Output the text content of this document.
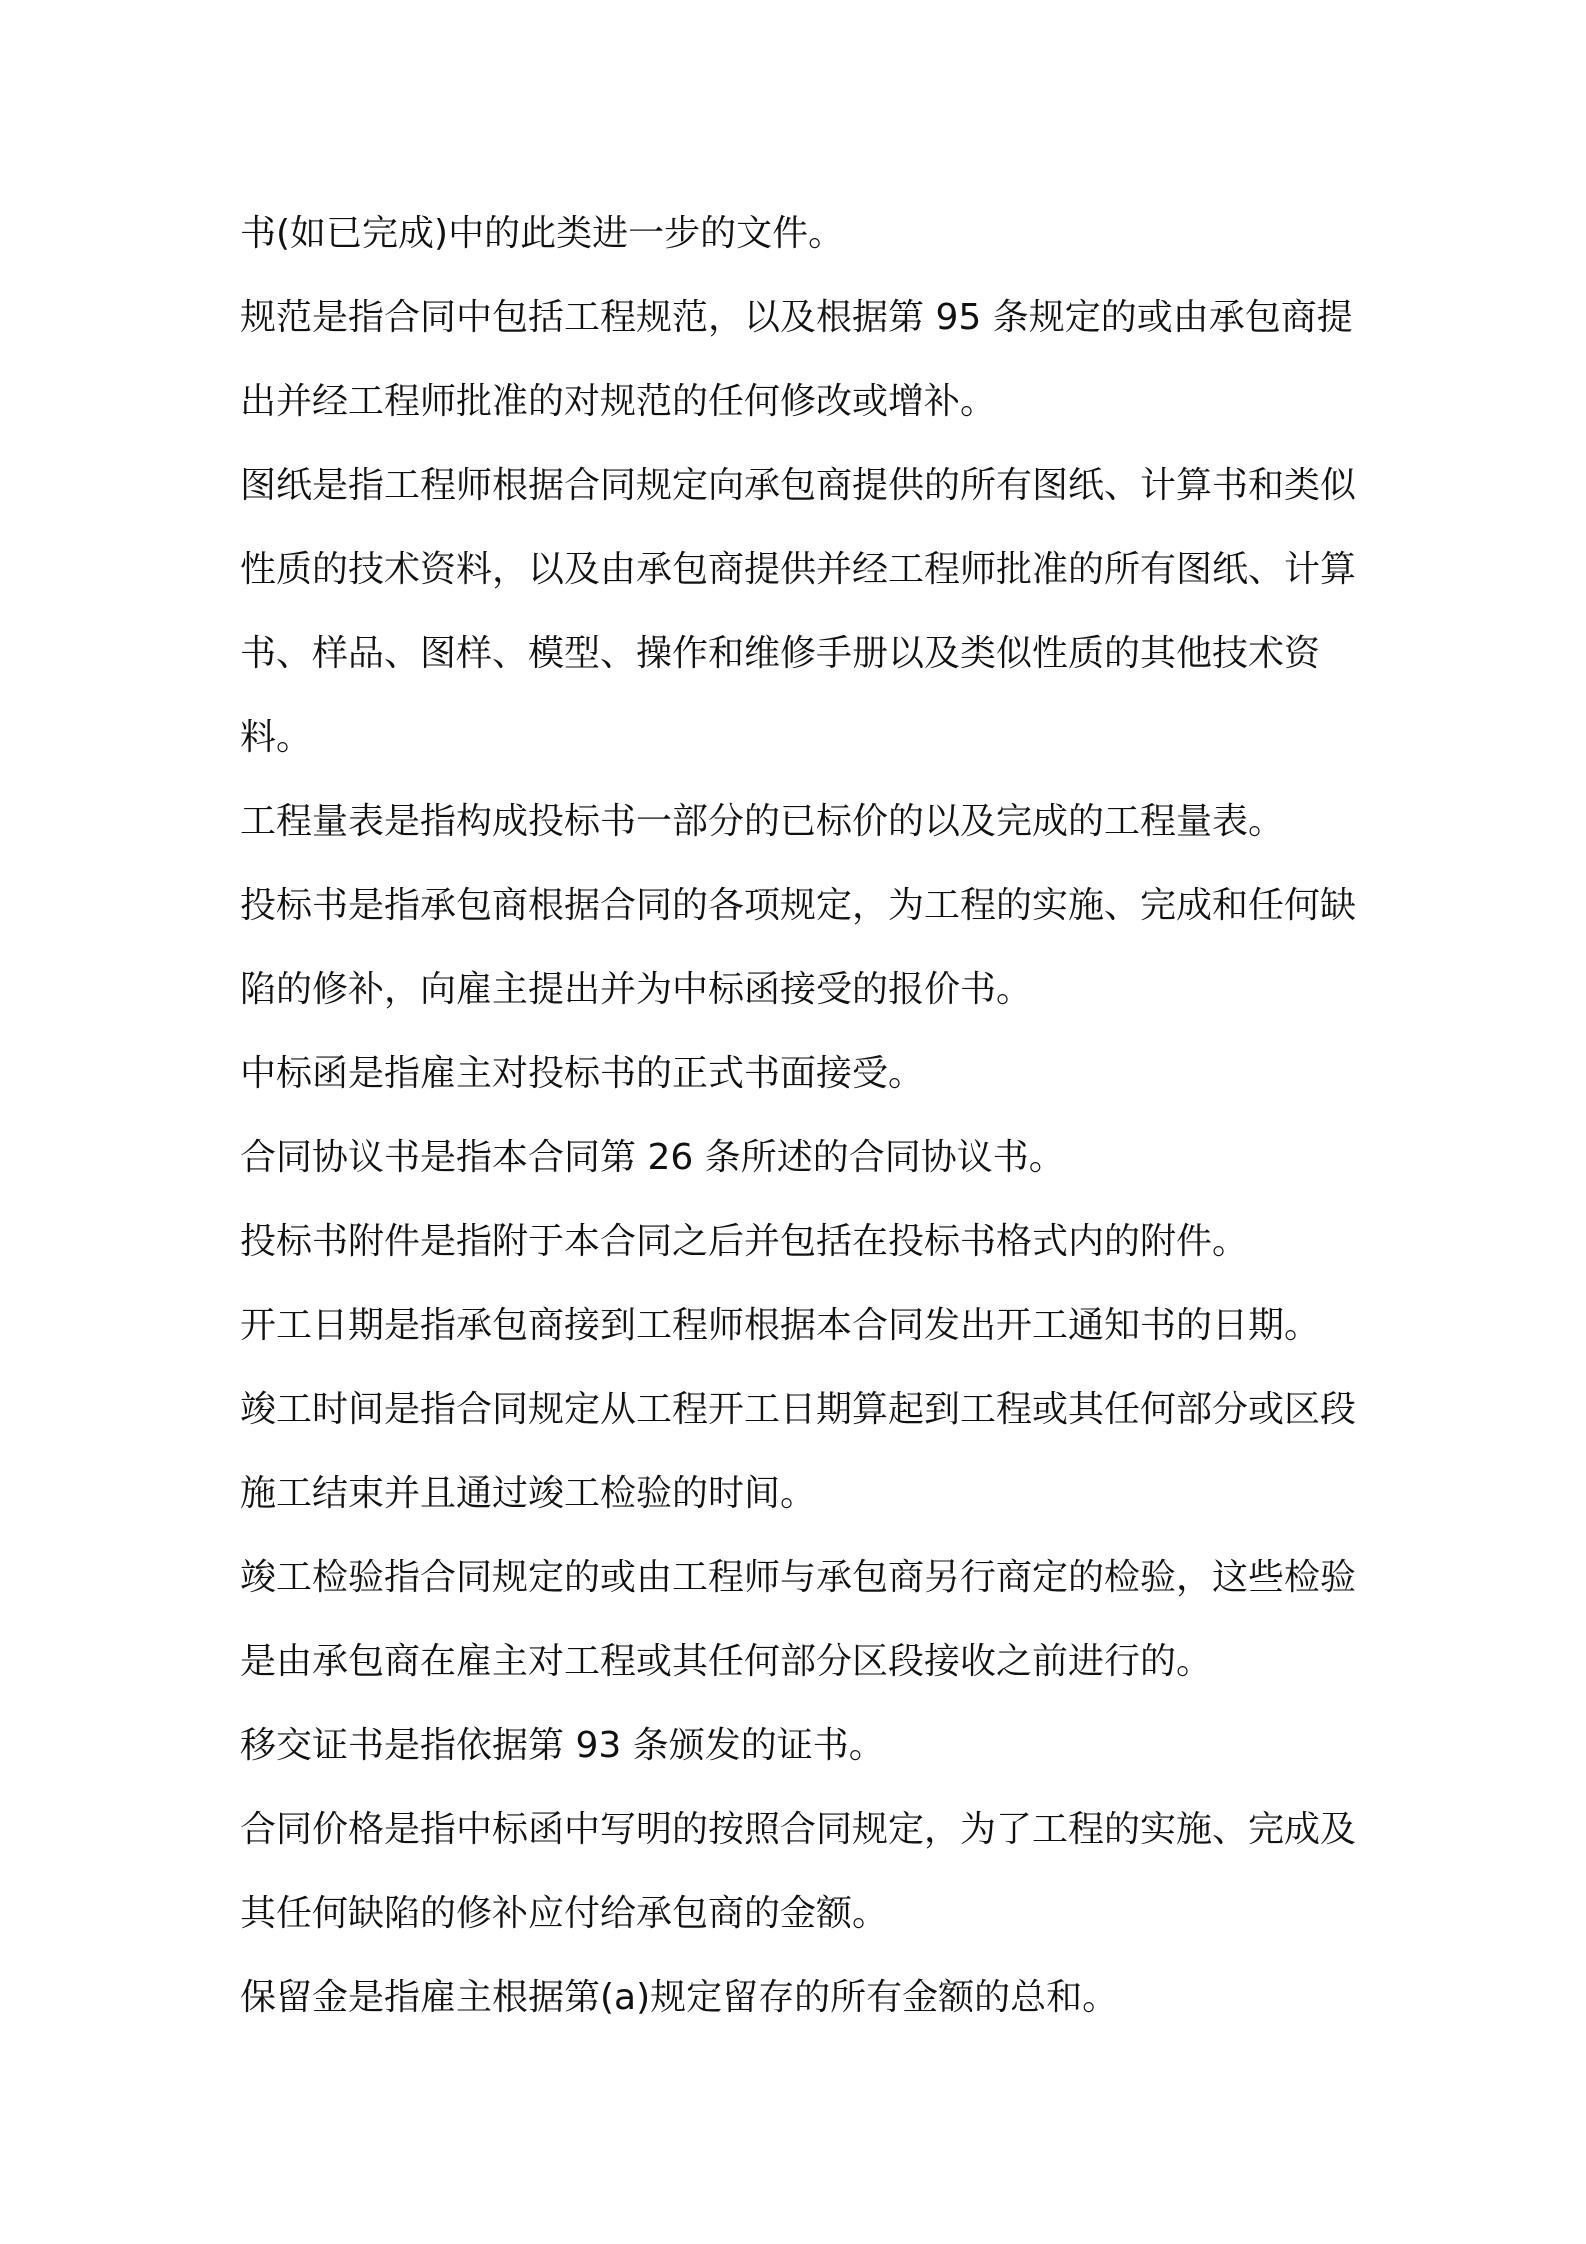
书(如已完成)中的此类进一步的文件。

规范是指合同中包括工程规范，以及根据第 95 条规定的或由承包商提出并经工程师批准的对规范的任何修改或增补。

图纸是指工程师根据合同规定向承包商提供的所有图纸、计算书和类似性质的技术资料，以及由承包商提供并经工程师批准的所有图纸、计算书、样品、图样、模型、操作和维修手册以及类似性质的其他技术资料。

工程量表是指构成投标书一部分的已标价的以及完成的工程量表。

投标书是指承包商根据合同的各项规定，为工程的实施、完成和任何缺陷的修补，向雇主提出并为中标函接受的报价书。

中标函是指雇主对投标书的正式书面接受。

合同协议书是指本合同第 26 条所述的合同协议书。

投标书附件是指附于本合同之后并包括在投标书格式内的附件。

开工日期是指承包商接到工程师根据本合同发出开工通知书的日期。

竣工时间是指合同规定从工程开工日期算起到工程或其任何部分或区段施工结束并且通过竣工检验的时间。

竣工检验指合同规定的或由工程师与承包商另行商定的检验，这些检验是由承包商在雇主对工程或其任何部分区段接收之前进行的。

移交证书是指依据第 93 条颁发的证书。

合同价格是指中标函中写明的按照合同规定，为了工程的实施、完成及其任何缺陷的修补应付给承包商的金额。

保留金是指雇主根据第(a)规定留存的所有金额的总和。
